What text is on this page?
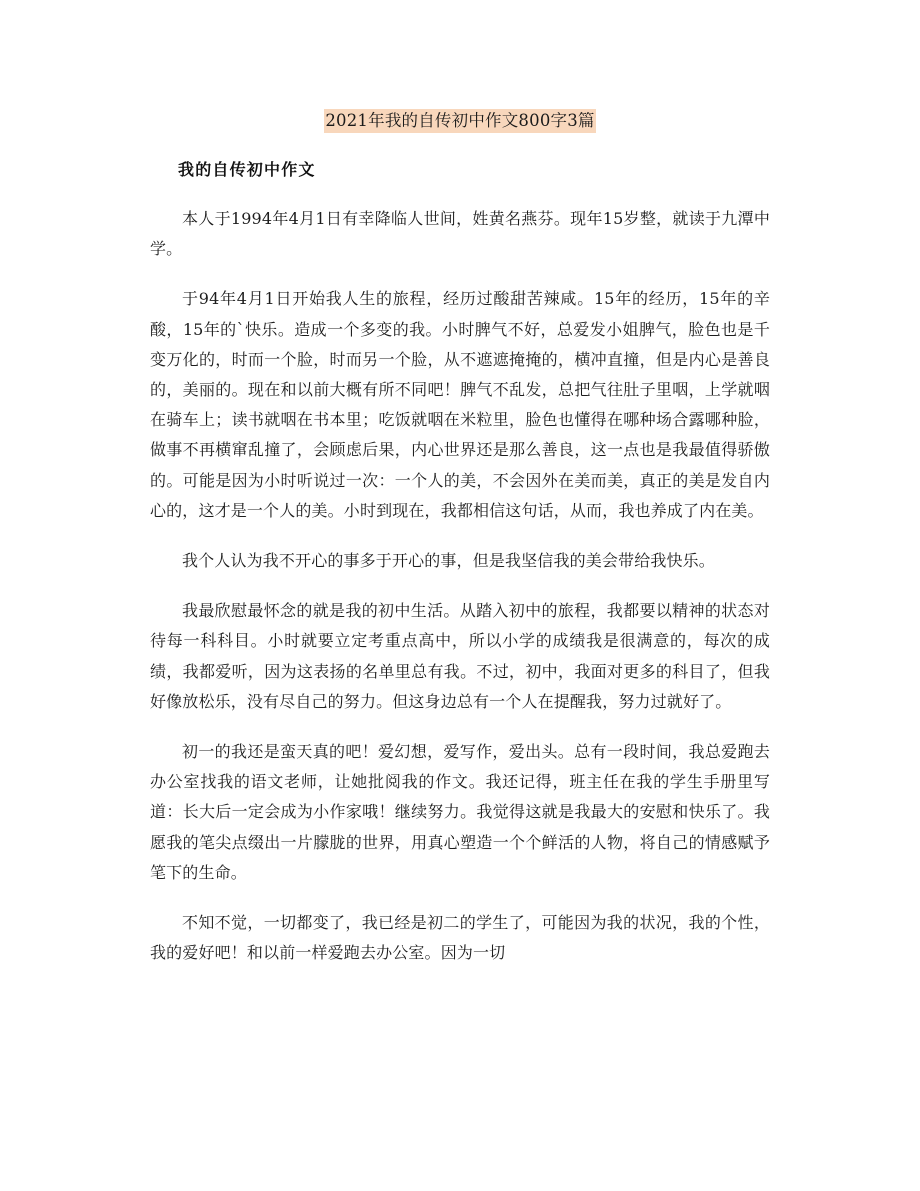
2021年我的自传初中作文800字3篇
我的自传初中作文

本人于1994年4月1日有幸降临人世间，姓黄名燕芬。现年15岁整，就读于九潭中学。

于94年4月1日开始我人生的旅程，经历过酸甜苦辣咸。15年的经历，15年的辛酸，15年的`快乐。造成一个多变的我。小时脾气不好，总爱发小姐脾气，脸色也是千变万化的，时而一个脸，时而另一个脸，从不遮遮掩掩的，横冲直撞，但是内心是善良的，美丽的。现在和以前大概有所不同吧！脾气不乱发，总把气往肚子里咽，上学就咽在骑车上；读书就咽在书本里；吃饭就咽在米粒里，脸色也懂得在哪种场合露哪种脸，做事不再横窜乱撞了，会顾虑后果，内心世界还是那么善良，这一点也是我最值得骄傲的。可能是因为小时听说过一次：一个人的美，不会因外在美而美，真正的美是发自内心的，这才是一个人的美。小时到现在，我都相信这句话，从而，我也养成了内在美。

我个人认为我不开心的事多于开心的事，但是我坚信我的美会带给我快乐。

我最欣慰最怀念的就是我的初中生活。从踏入初中的旅程，我都要以精神的状态对待每一科科目。小时就要立定考重点高中，所以小学的成绩我是很满意的，每次的成绩，我都爱听，因为这表扬的名单里总有我。不过，初中，我面对更多的科目了，但我好像放松乐，没有尽自己的努力。但这身边总有一个人在提醒我，努力过就好了。

初一的我还是蛮天真的吧！爱幻想，爱写作，爱出头。总有一段时间，我总爱跑去办公室找我的语文老师，让她批阅我的作文。我还记得，班主任在我的学生手册里写道：长大后一定会成为小作家哦！继续努力。我觉得这就是我最大的安慰和快乐了。我愿我的笔尖点缀出一片朦胧的世界，用真心塑造一个个鲜活的人物，将自己的情感赋予笔下的生命。

不知不觉，一切都变了，我已经是初二的学生了，可能因为我的状况，我的个性，我的爱好吧！和以前一样爱跑去办公室。因为一切
